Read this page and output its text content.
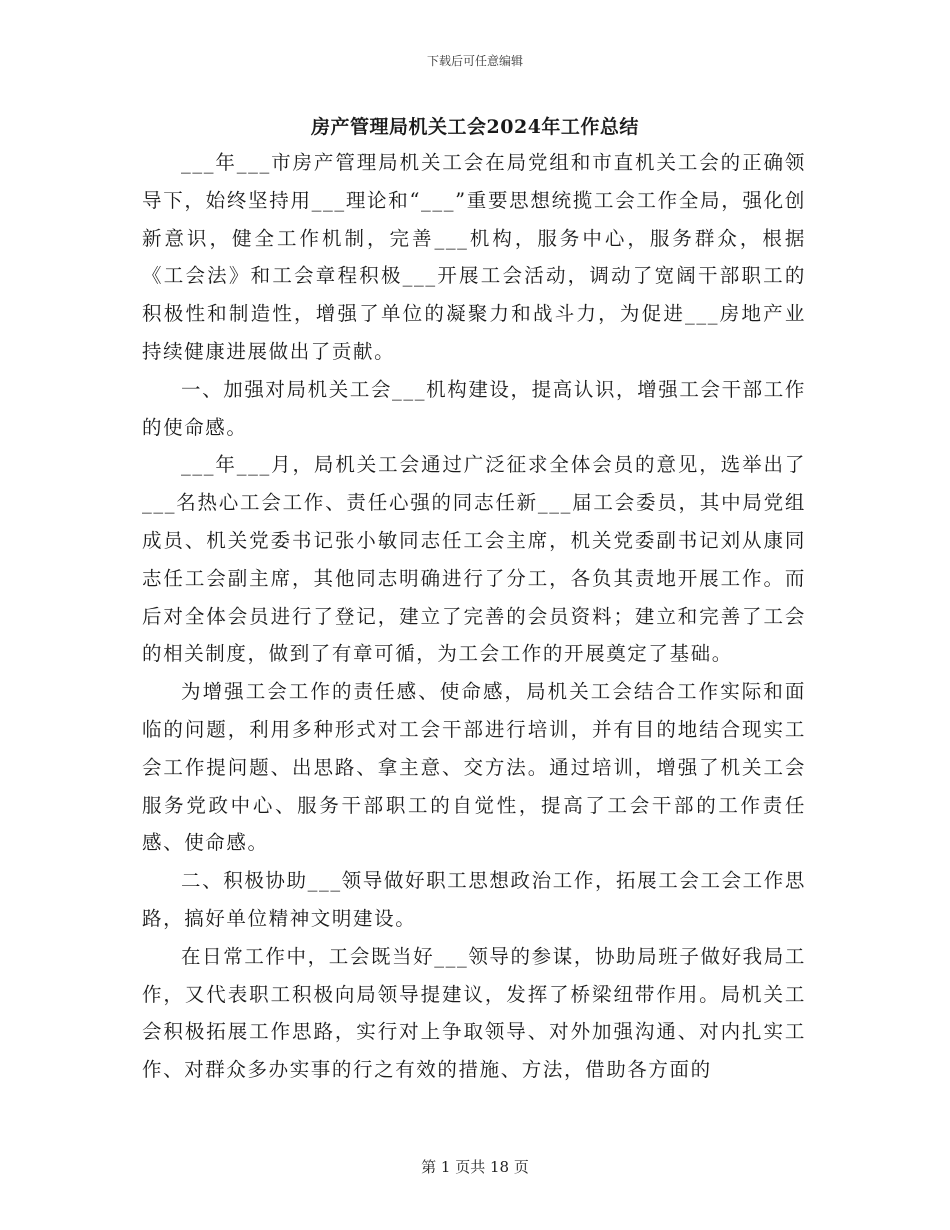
下载后可任意编辑
房产管理局机关工会2024年工作总结

___年___市房产管理局机关工会在局党组和市直机关工会的正确领导下，始终坚持用___理论和“___”重要思想统揽工会工作全局，强化创新意识，健全工作机制，完善___机构，服务中心，服务群众，根据《工会法》和工会章程积极___开展工会活动，调动了宽阔干部职工的积极性和制造性，增强了单位的凝聚力和战斗力，为促进___房地产业持续健康进展做出了贡献。

一、加强对局机关工会___机构建设，提高认识，增强工会干部工作的使命感。

___年___月，局机关工会通过广泛征求全体会员的意见，选举出了___名热心工会工作、责任心强的同志任新___届工会委员，其中局党组成员、机关党委书记张小敏同志任工会主席，机关党委副书记刘从康同志任工会副主席，其他同志明确进行了分工，各负其责地开展工作。而后对全体会员进行了登记，建立了完善的会员资料；建立和完善了工会的相关制度，做到了有章可循，为工会工作的开展奠定了基础。

为增强工会工作的责任感、使命感，局机关工会结合工作实际和面临的问题，利用多种形式对工会干部进行培训，并有目的地结合现实工会工作提问题、出思路、拿主意、交方法。通过培训，增强了机关工会服务党政中心、服务干部职工的自觉性，提高了工会干部的工作责任感、使命感。

二、积极协助___领导做好职工思想政治工作，拓展工会工会工作思路，搞好单位精神文明建设。

在日常工作中，工会既当好___领导的参谋，协助局班子做好我局工作，又代表职工积极向局领导提建议，发挥了桥梁纽带作用。局机关工会积极拓展工作思路，实行对上争取领导、对外加强沟通、对内扎实工作、对群众多办实事的行之有效的措施、方法，借助各方面的

第 1 页共 18 页
